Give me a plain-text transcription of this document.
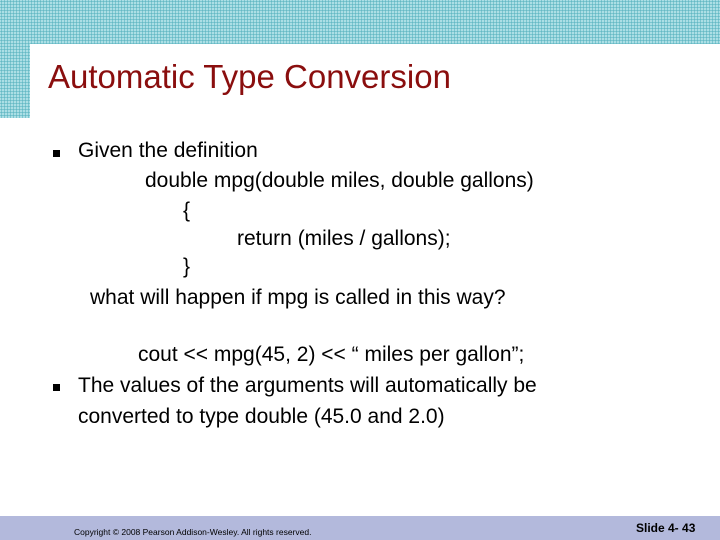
Automatic Type Conversion

Given the definition

double mpg(double miles, double gallons)

{

return (miles / gallons);

}

what will happen if mpg is called in this way?

cout << mpg(45, 2) << “ miles per gallon”;

The values of the arguments will automatically be

converted to type double (45.0 and 2.0)

Copyright © 2008 Pearson Addison-Wesley. All rights reserved.	Slide 4- 43
